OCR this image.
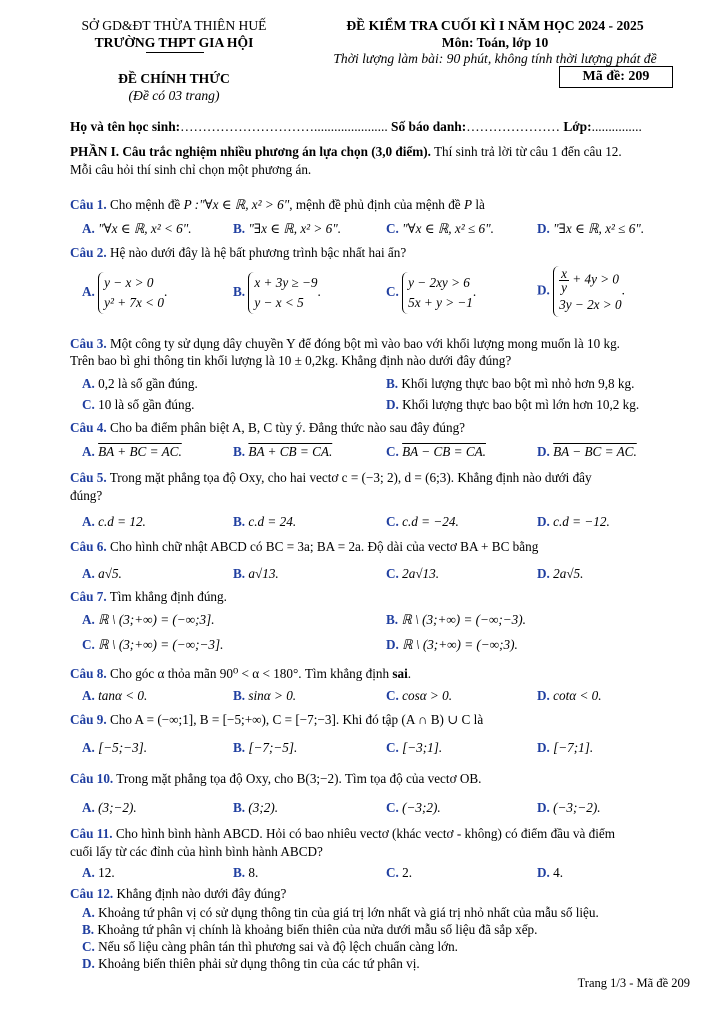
SỞ GD&ĐT THỪA THIÊN HUẾ
TRƯỜNG THPT GIA HỘI
ĐỀ CHÍNH THỨC
(Đề có 03 trang)
ĐỀ KIỂM TRA CUỐI KÌ I NĂM HỌC 2024 - 2025
Môn: Toán, lớp 10
Thời lượng làm bài: 90 phút, không tính thời lượng phát đề
Mã đề: 209
Họ và tên học sinh:…………………………...................... Số báo danh:………………… Lớp:...............
PHẦN I. Câu trắc nghiệm nhiều phương án lựa chọn (3,0 điểm). Thí sinh trả lời từ câu 1 đến câu 12.
Mỗi câu hỏi thí sinh chỉ chọn một phương án.
Câu 1. Cho mệnh đề P :"∀x ∈ ℝ, x² > 6", mệnh đề phủ định của mệnh đề P là
A. "∀x ∈ ℝ, x² < 6".	B. "∃x ∈ ℝ, x² > 6".	C. "∀x ∈ ℝ, x² ≤ 6".	D. "∃x ∈ ℝ, x² ≤ 6".
Câu 2. Hệ nào dưới đây là hệ bất phương trình bậc nhất hai ẩn?
A. y − x > 0
y² + 7x < 0.	B. x + 3y ≥ −9
y − x < 5.	C. y − 2xy > 6
5x + y > −1.	D. $\frac{x}{y} + 4y > 0$
3y − 2x > 0.
Câu 3. Một công ty sử dụng dây chuyền Y để đóng bột mì vào bao với khối lượng mong muốn là 10 kg.
Trên bao bì ghi thông tin khối lượng là 10 ± 0,2kg. Khẳng định nào dưới đây đúng?
A. 0,2 là số gần đúng.	B. Khối lượng thực bao bột mì nhỏ hơn 9,8 kg.
C. 10 là số gần đúng.	D. Khối lượng thực bao bột mì lớn hơn 10,2 kg.
Câu 4. Cho ba điểm phân biệt A, B, C tùy ý. Đẳng thức nào sau đây đúng?
A. BA + BC = AC.	B. BA + CB = CA.	C. BA − CB = CA.	D. BA − BC = AC.
Câu 5. Trong mặt phẳng tọa độ Oxy, cho hai vectơ c = (−3; 2), d = (6;3). Khẳng định nào dưới đây
đúng?
A. c.d = 12.	B. c.d = 24.	C. c.d = −24.	D. c.d = −12.
Câu 6. Cho hình chữ nhật ABCD có BC = 3a; BA = 2a. Độ dài của vectơ BA + BC bằng
A. a√5.	B. a√13.	C. 2a√13.	D. 2a√5.
Câu 7. Tìm khẳng định đúng.
A. ℝ \ (3;+∞) = (−∞;3].	B. ℝ \ (3;+∞) = (−∞;−3).
C. ℝ \ (3;+∞) = (−∞;−3].	D. ℝ \ (3;+∞) = (−∞;3).
Câu 8. Cho góc α thỏa mãn 90⁰ < α < 180°. Tìm khẳng định sai.
A. tanα < 0.	B. sinα > 0.	C. cosα > 0.	D. cotα < 0.
Câu 9. Cho A = (−∞;1], B = [−5;+∞), C = [−7;−3]. Khi đó tập (A ∩ B) ∪ C là
A. [−5;−3].	B. [−7;−5].	C. [−3;1].	D. [−7;1].
Câu 10. Trong mặt phẳng tọa độ Oxy, cho B(3;−2). Tìm tọa độ của vectơ OB.
A. (3;−2).	B. (3;2).	C. (−3;2).	D. (−3;−2).
Câu 11. Cho hình bình hành ABCD. Hỏi có bao nhiêu vectơ (khác vectơ - không) có điểm đầu và điểm
cuối lấy từ các đỉnh của hình bình hành ABCD?
A. 12.	B. 8.	C. 2.	D. 4.
Câu 12. Khẳng định nào dưới đây đúng?
A. Khoảng tứ phân vị có sử dụng thông tin của giá trị lớn nhất và giá trị nhỏ nhất của mẫu số liệu.
B. Khoảng tứ phân vị chính là khoảng biến thiên của nửa dưới mẫu số liệu đã sắp xếp.
C. Nếu số liệu càng phân tán thì phương sai và độ lệch chuẩn càng lớn.
D. Khoảng biến thiên phải sử dụng thông tin của các tứ phân vị.
Trang 1/3 - Mã đề 209
